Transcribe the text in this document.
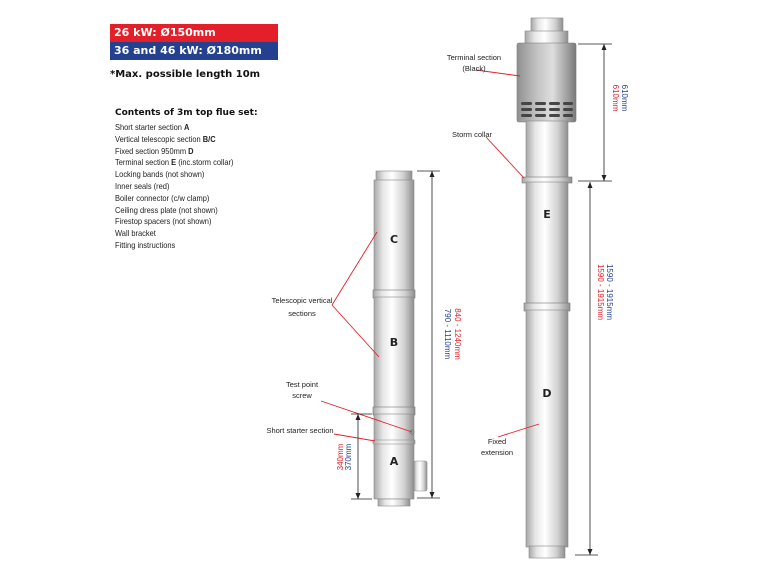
26 kW: Ø150mm
36 and 46 kW: Ø180mm
*Max. possible length 10m
Contents of 3m top flue set:
Short starter section A
Vertical telescopic section B/C
Fixed section 950mm D
Terminal section E (inc.storm collar)
Locking bands (not shown)
Inner seals (red)
Boiler connector (c/w clamp)
Ceiling dress plate (not shown)
Firestop spacers (not shown)
Wall bracket
Fitting instructions	C
B
A
E
D
Telescopic vertical
sections
Test point
screw
Short starter section
Terminal section
(Black)
Storm collar
Fixed
extension
840 - 1240mm
790 - 1110mm
340mm 370mm
610mm 610mm
1590 - 1915mm 1590 - 1915mm
